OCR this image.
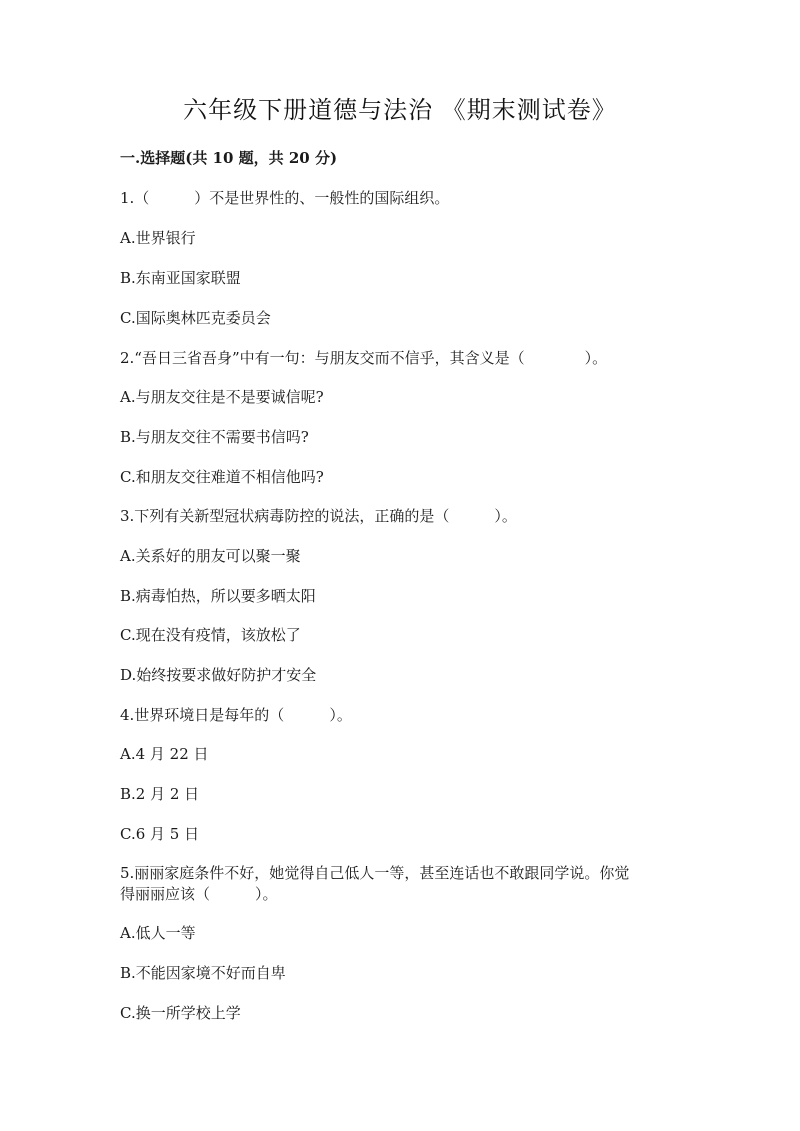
六年级下册道德与法治 《期末测试卷》
一.选择题(共 10 题，共 20 分)
1.（　　　）不是世界性的、一般性的国际组织。
A.世界银行
B.东南亚国家联盟
C.国际奥林匹克委员会
2.“吾日三省吾身”中有一句：与朋友交而不信乎，其含义是（　　　　）。
A.与朋友交往是不是要诚信呢?
B.与朋友交往不需要书信吗?
C.和朋友交往难道不相信他吗?
3.下列有关新型冠状病毒防控的说法，正确的是（　　　）。
A.关系好的朋友可以聚一聚
B.病毒怕热，所以要多晒太阳
C.现在没有疫情，该放松了
D.始终按要求做好防护才安全
4.世界环境日是每年的（　　　）。
A.4 月 22 日
B.2 月 2 日
C.6 月 5 日
5.丽丽家庭条件不好，她觉得自己低人一等，甚至连话也不敢跟同学说。你觉
得丽丽应该（　　　）。
A.低人一等
B.不能因家境不好而自卑
C.换一所学校上学
